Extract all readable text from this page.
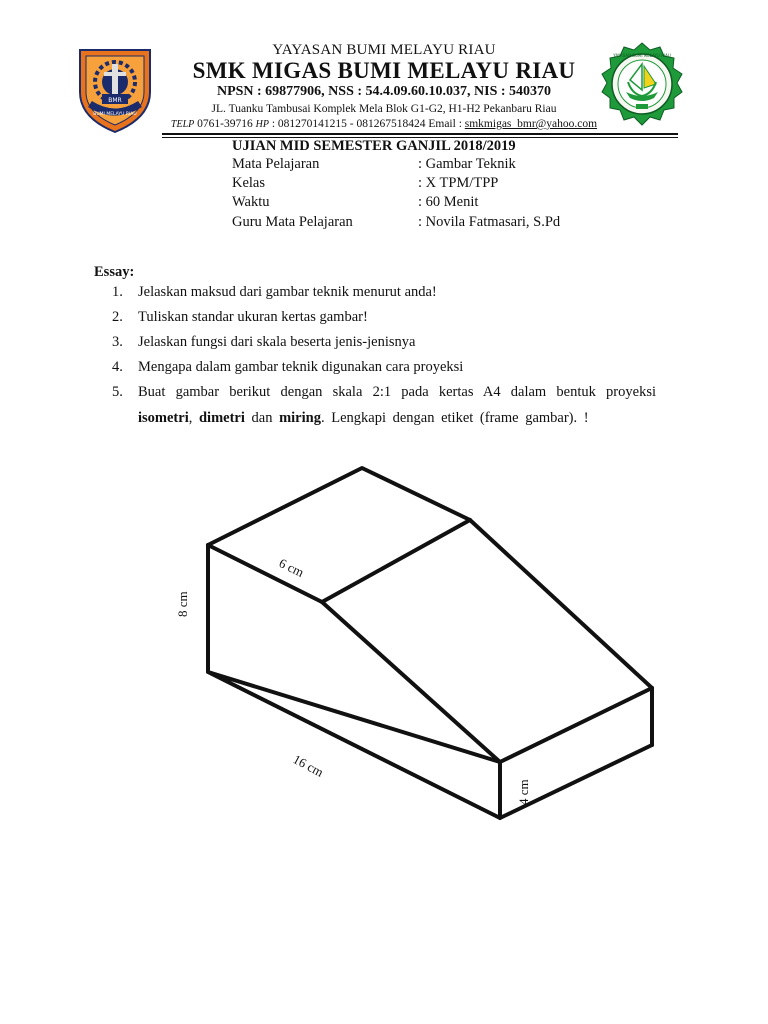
BMR
BUMI MELAYU RIAU
YAYASAN BUMI MELAYU RIAU
YAYASAN BUMI MELAYU RIAU
SMK MIGAS BUMI MELAYU RIAU
NPSN : 69877906, NSS : 54.4.09.60.10.037, NIS : 540370
JL. Tuanku Tambusai Komplek Mela Blok G1-G2, H1-H2 Pekanbaru Riau
TELP 0761-39716 HP : 081270141215 - 081267518424 Email : smkmigas_bmr@yahoo.com
UJIAN MID SEMESTER GANJIL 2018/2019
Mata Pelajaran	: Gambar Teknik
Kelas	: X TPM/TPP
Waktu	: 60 Menit
Guru Mata Pelajaran	: Novila Fatmasari, S.Pd
Essay:
1. Jelaskan maksud dari gambar teknik menurut anda!
2. Tuliskan standar ukuran kertas gambar!
3. Jelaskan fungsi dari skala beserta jenis-jenisnya
4. Mengapa dalam gambar teknik digunakan cara proyeksi
5. Buat gambar berikut dengan skala 2:1 pada kertas A4 dalam bentuk proyeksi
isometri, dimetri dan miring. Lengkapi dengan etiket (frame gambar). !
6 cm
8 cm
16 cm
4 cm
